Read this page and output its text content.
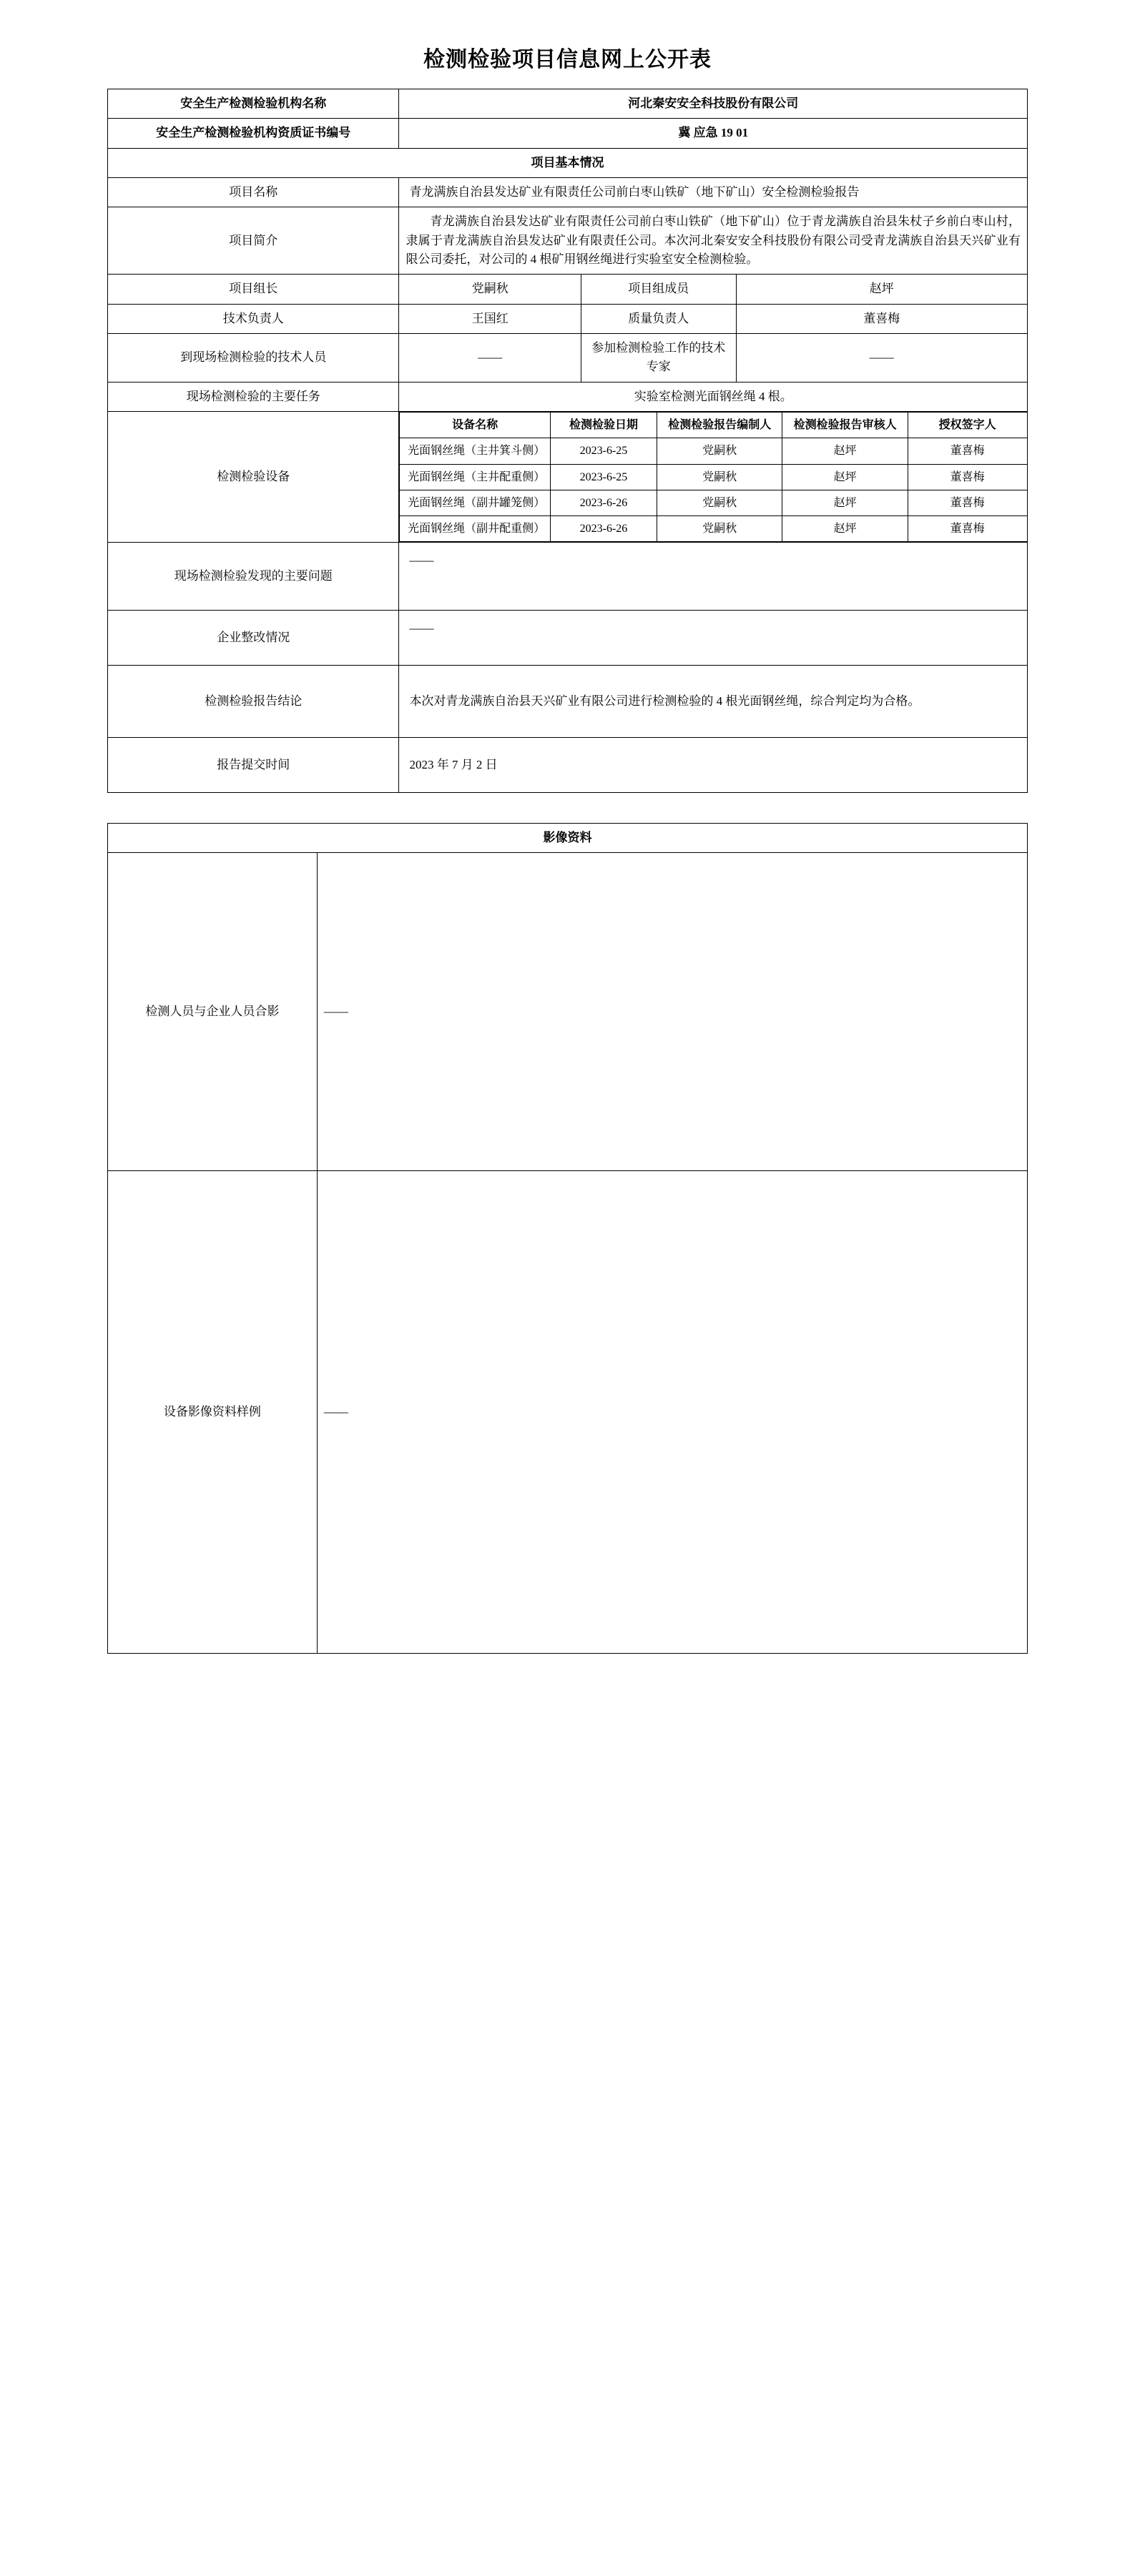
检测检验项目信息网上公开表
安全生产检测检验机构名称	河北秦安安全科技股份有限公司
安全生产检测检验机构资质证书编号	冀 应急 19 01
项目基本情况
项目名称	青龙满族自治县发达矿业有限责任公司前白枣山铁矿（地下矿山）安全检测检验报告
项目简介	青龙满族自治县发达矿业有限责任公司前白枣山铁矿（地下矿山）位于青龙满族自治县朱杖子乡前白枣山村，隶属于青龙满族自治县发达矿业有限责任公司。本次河北秦安安全科技股份有限公司受青龙满族自治县天兴矿业有限公司委托，对公司的 4 根矿用钢丝绳进行实验室安全检测检验。
项目组长	党嗣秋	项目组成员	赵坪
技术负责人	王国红	质量负责人	董喜梅
到现场检测检验的技术人员	——	参加检测检验工作的技术专家	——
现场检测检验的主要任务	实验室检测光面钢丝绳 4 根。
检测检验设备	
设备名称	检测检验日期	检测检验报告编制人	检测检验报告审核人	授权签字人
光面钢丝绳（主井箕斗侧）	2023-6-25	党嗣秋	赵坪	董喜梅
光面钢丝绳（主井配重侧）	2023-6-25	党嗣秋	赵坪	董喜梅
光面钢丝绳（副井罐笼侧）	2023-6-26	党嗣秋	赵坪	董喜梅
光面钢丝绳（副井配重侧）	2023-6-26	党嗣秋	赵坪	董喜梅

现场检测检验发现的主要问题	——
企业整改情况	——
检测检验报告结论	本次对青龙满族自治县天兴矿业有限公司进行检测检验的 4 根光面钢丝绳，综合判定均为合格。
报告提交时间	2023 年 7 月 2 日
影像资料	
检测人员与企业人员合影	——
设备影像资料样例	——
